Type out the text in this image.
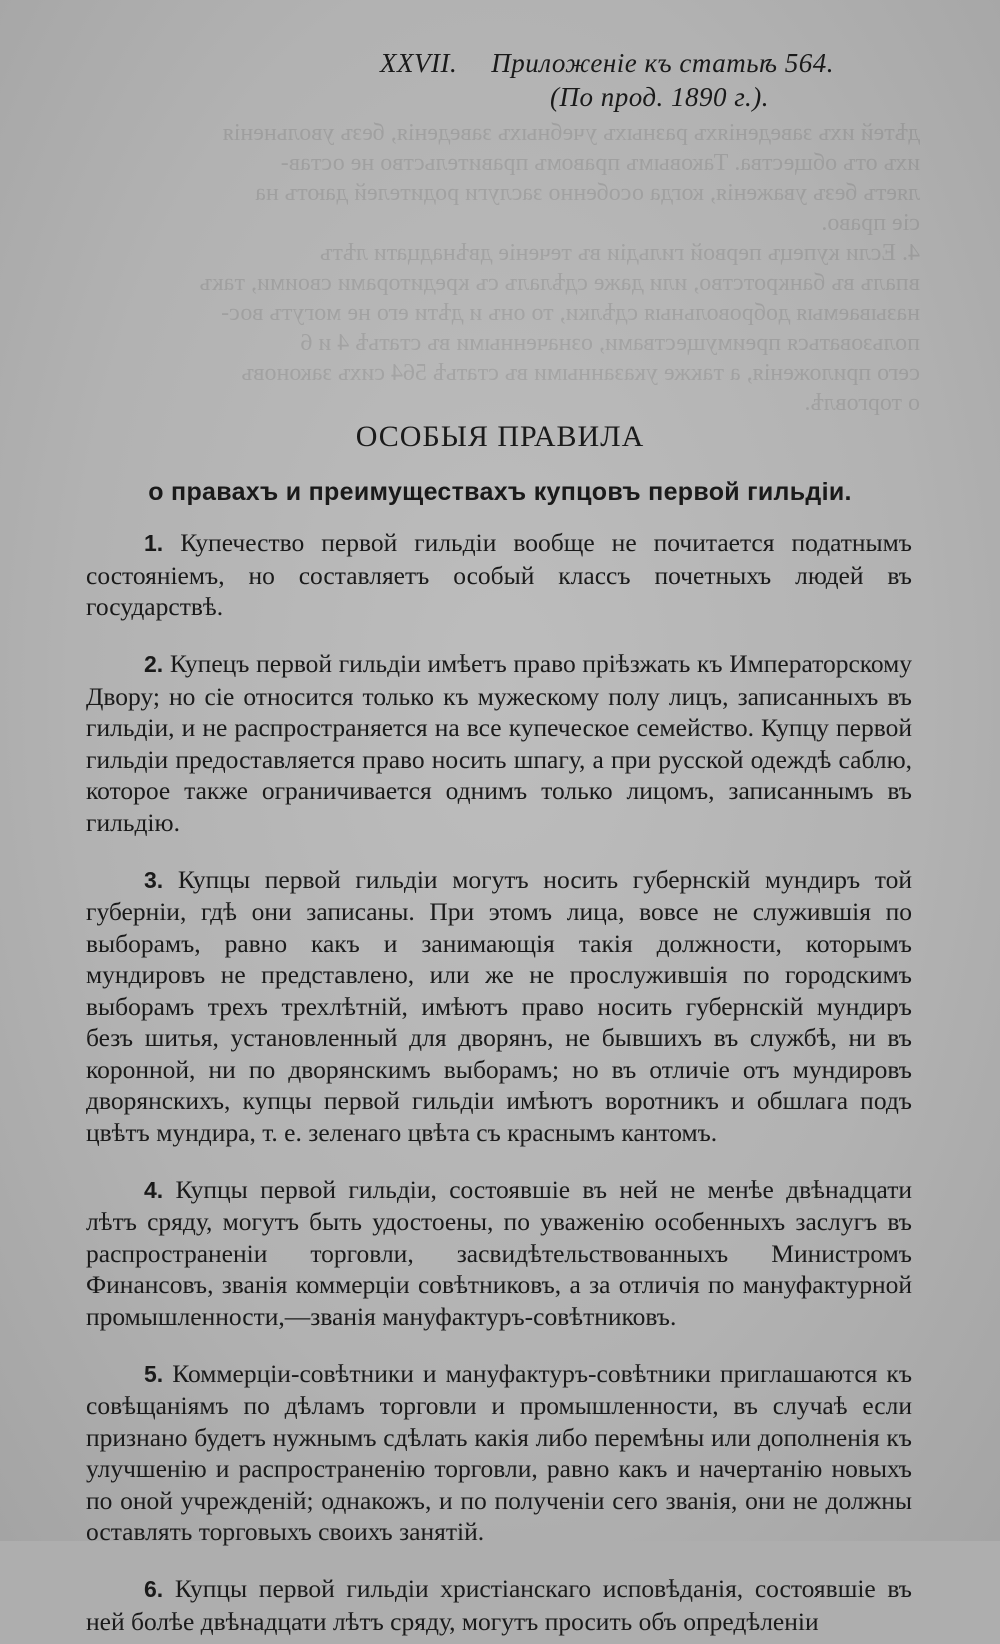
дѣтей ихъ заведенiяхъ разныхъ учебныхъ заведенiя, безъ увольненiя
ихъ отъ общества. Таковымъ правомъ правительство не остав-
ляетъ безъ уваженiя, когда особенно заслуги родителей даютъ на
сiе право.
4. Если купецъ первой гильдiи въ теченiе двѣнадцати лѣтъ
впалъ въ банкротство, или даже сдѣлалъ съ кредиторами своими, такъ
называемыя добровольныя сдѣлки, то онъ и дѣти его не могутъ вос-
пользоваться преимуществами, означенными въ статьѣ 4 и 6
сего приложенiя, а также указанными въ статьѣ 564 сихъ законовъ
о торговлѣ.
XXVII. Приложенiе къ статьѣ 564.
(По прод. 1890 г.).
ОСОБЫЯ ПРАВИЛА
о правахъ и преимуществахъ купцовъ первой гильдiи.

1. Купечество первой гильдiи вообще не почитается податнымъ состоянiемъ, но составляетъ особый классъ почетныхъ людей въ государствѣ.

2. Купецъ первой гильдiи имѣетъ право прiѣзжать къ Императорскому Двору; но сiе относится только къ мужескому полу лицъ, записанныхъ въ гильдiи, и не распространяется на все купеческое семейство. Купцу первой гильдiи предоставляется право носить шпагу, а при русской одеждѣ саблю, которое также ограничивается однимъ только лицомъ, записаннымъ въ гильдiю.

3. Купцы первой гильдiи могутъ носить губернскiй мундиръ той губернiи, гдѣ они записаны. При этомъ лица, вовсе не служившiя по выборамъ, равно какъ и занимающiя такiя должности, которымъ мундировъ не представлено, или же не прослужившiя по городскимъ выборамъ трехъ трехлѣтнiй, имѣютъ право носить губернскiй мундиръ безъ шитья, установленный для дворянъ, не бывшихъ въ службѣ, ни въ коронной, ни по дворянскимъ выборамъ; но въ отличiе отъ мундировъ дворянскихъ, купцы первой гильдiи имѣютъ воротникъ и обшлага подъ цвѣтъ мундира, т. е. зеленаго цвѣта съ краснымъ кантомъ.

4. Купцы первой гильдiи, состоявшiе въ ней не менѣе двѣнадцати лѣтъ сряду, могутъ быть удостоены, по уваженiю особенныхъ заслугъ въ распространенiи торговли, засвидѣтельствованныхъ Министромъ Финансовъ, званiя коммерцiи совѣтниковъ, а за отличiя по мануфактурной промышленности,—званiя мануфактуръ-совѣтниковъ.

5. Коммерцiи-совѣтники и мануфактуръ-совѣтники приглашаются къ совѣщанiямъ по дѣламъ торговли и промышленности, въ случаѣ если признано будетъ нужнымъ сдѣлать какiя либо перемѣны или дополненiя къ улучшенiю и распространенiю торговли, равно какъ и начертанiю новыхъ по оной учрежденiй; однакожъ, и по полученiи сего званiя, они не должны оставлять торговыхъ своихъ занятiй.

6. Купцы первой гильдiи христiанскаго исповѣданiя, состоявшiе въ ней болѣе двѣнадцати лѣтъ сряду, могутъ просить объ опредѣленiи
